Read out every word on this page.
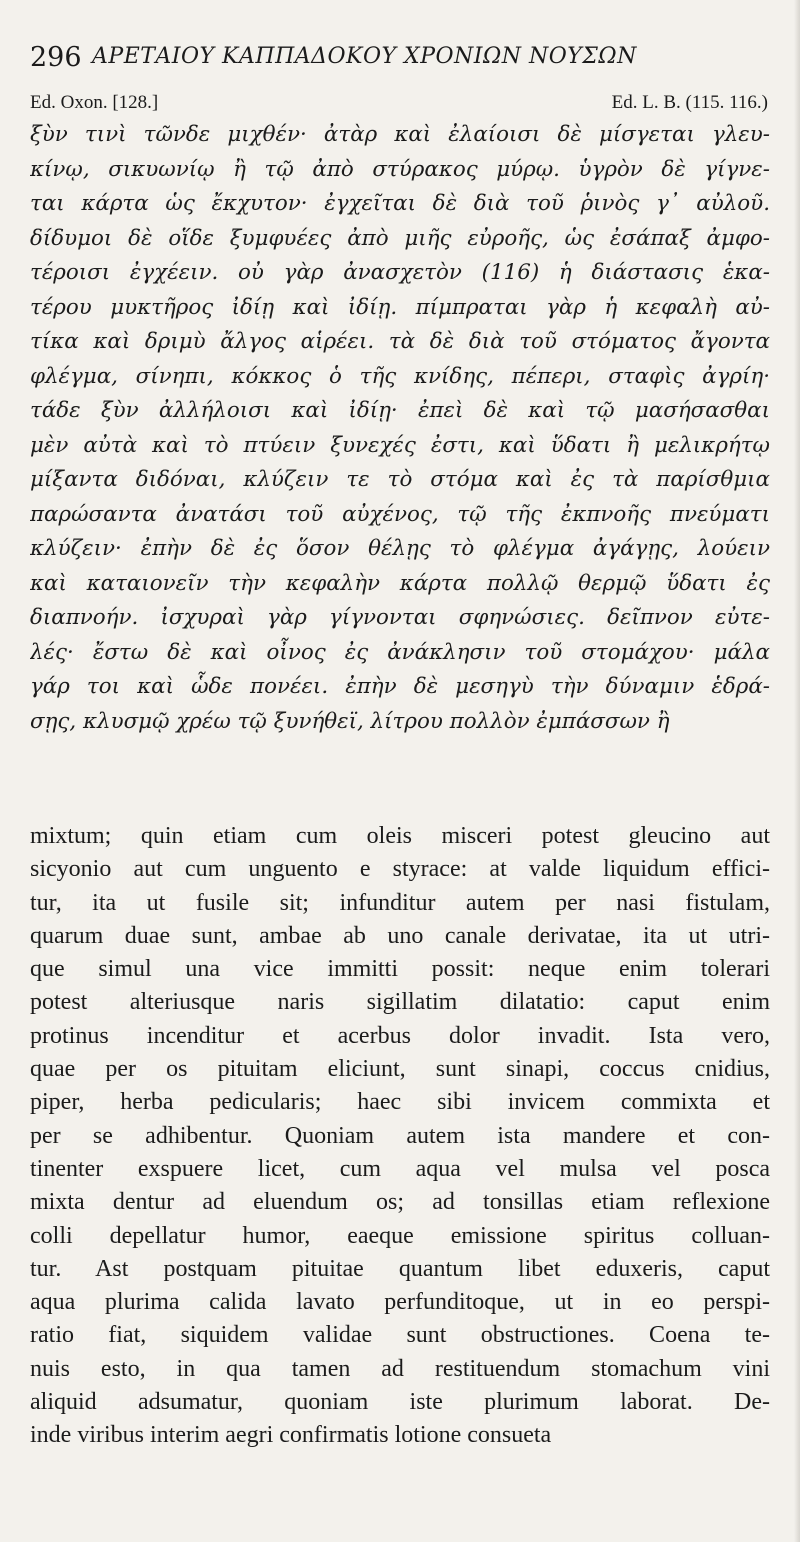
296 ΑΡΕΤΑΙΟΥ ΚΑΠΠΑΔΟΚΟΥ ΧΡΟΝΙΩΝ ΝΟΥΣΩΝ
Ed. Oxon. [128.]	Ed. L. B. (115. 116.)
ξὺν τινὶ τῶνδε μιχθέν· ἀτὰρ καὶ ἐλαίοισι δὲ μίσγεται γλευ-
κίνῳ, σικυωνίῳ ἢ τῷ ἀπὸ στύρακος μύρῳ. ὑγρὸν δὲ γίγνε-
ται κάρτα ὡς ἔκχυτον· ἐγχεῖται δὲ διὰ τοῦ ῥινὸς γ᾽ αὐλοῦ.
δίδυμοι δὲ οἵδε ξυμφυέες ἀπὸ μιῆς εὐροῆς, ὡς ἐσάπαξ ἀμφο-
τέροισι ἐγχέειν. οὐ γὰρ ἀνασχετὸν (116) ἡ διάστασις ἑκα-
τέρου μυκτῆρος ἰδίῃ καὶ ἰδίῃ. πίμπραται γὰρ ἡ κεφαλὴ αὐ-
τίκα καὶ δριμὺ ἄλγος αἱρέει. τὰ δὲ διὰ τοῦ στόματος ἄγοντα
φλέγμα, σίνηπι, κόκκος ὁ τῆς κνίδης, πέπερι, σταφὶς ἀγρίη·
τάδε ξὺν ἀλλήλοισι καὶ ἰδίῃ· ἐπεὶ δὲ καὶ τῷ μασήσασθαι
μὲν αὐτὰ καὶ τὸ πτύειν ξυνεχές ἐστι, καὶ ὕδατι ἢ μελικρήτῳ
μίξαντα διδόναι, κλύζειν τε τὸ στόμα καὶ ἐς τὰ παρίσθμια
παρώσαντα ἀνατάσι τοῦ αὐχένος, τῷ τῆς ἐκπνοῆς πνεύματι
κλύζειν· ἐπὴν δὲ ἐς ὅσον θέλῃς τὸ φλέγμα ἀγάγῃς, λούειν
καὶ καταιονεῖν τὴν κεφαλὴν κάρτα πολλῷ θερμῷ ὕδατι ἐς
διαπνοήν. ἰσχυραὶ γὰρ γίγνονται σφηνώσιες. δεῖπνον εὐτε-
λές· ἔστω δὲ καὶ οἶνος ἐς ἀνάκλησιν τοῦ στομάχου· μάλα
γάρ τοι καὶ ὧδε πονέει. ἐπὴν δὲ μεσηγὺ τὴν δύναμιν ἑδρά-
σῃς, κλυσμῷ χρέω τῷ ξυνήθεϊ, λίτρου πολλὸν ἐμπάσσων ἢ
mixtum; quin etiam cum oleis misceri potest gleucino aut
sicyonio aut cum unguento e styrace: at valde liquidum effici-
tur, ita ut fusile sit; infunditur autem per nasi fistulam,
quarum duae sunt, ambae ab uno canale derivatae, ita ut utri-
que simul una vice immitti possit: neque enim tolerari
potest alteriusque naris sigillatim dilatatio: caput enim
protinus incenditur et acerbus dolor invadit. Ista vero,
quae per os pituitam eliciunt, sunt sinapi, coccus cnidius,
piper, herba pedicularis; haec sibi invicem commixta et
per se adhibentur. Quoniam autem ista mandere et con-
tinenter exspuere licet, cum aqua vel mulsa vel posca
mixta dentur ad eluendum os; ad tonsillas etiam reflexione
colli depellatur humor, eaeque emissione spiritus colluan-
tur. Ast postquam pituitae quantum libet eduxeris, caput
aqua plurima calida lavato perfunditoque, ut in eo perspi-
ratio fiat, siquidem validae sunt obstructiones. Coena te-
nuis esto, in qua tamen ad restituendum stomachum vini
aliquid adsumatur, quoniam iste plurimum laborat. De-
inde viribus interim aegri confirmatis lotione consueta
